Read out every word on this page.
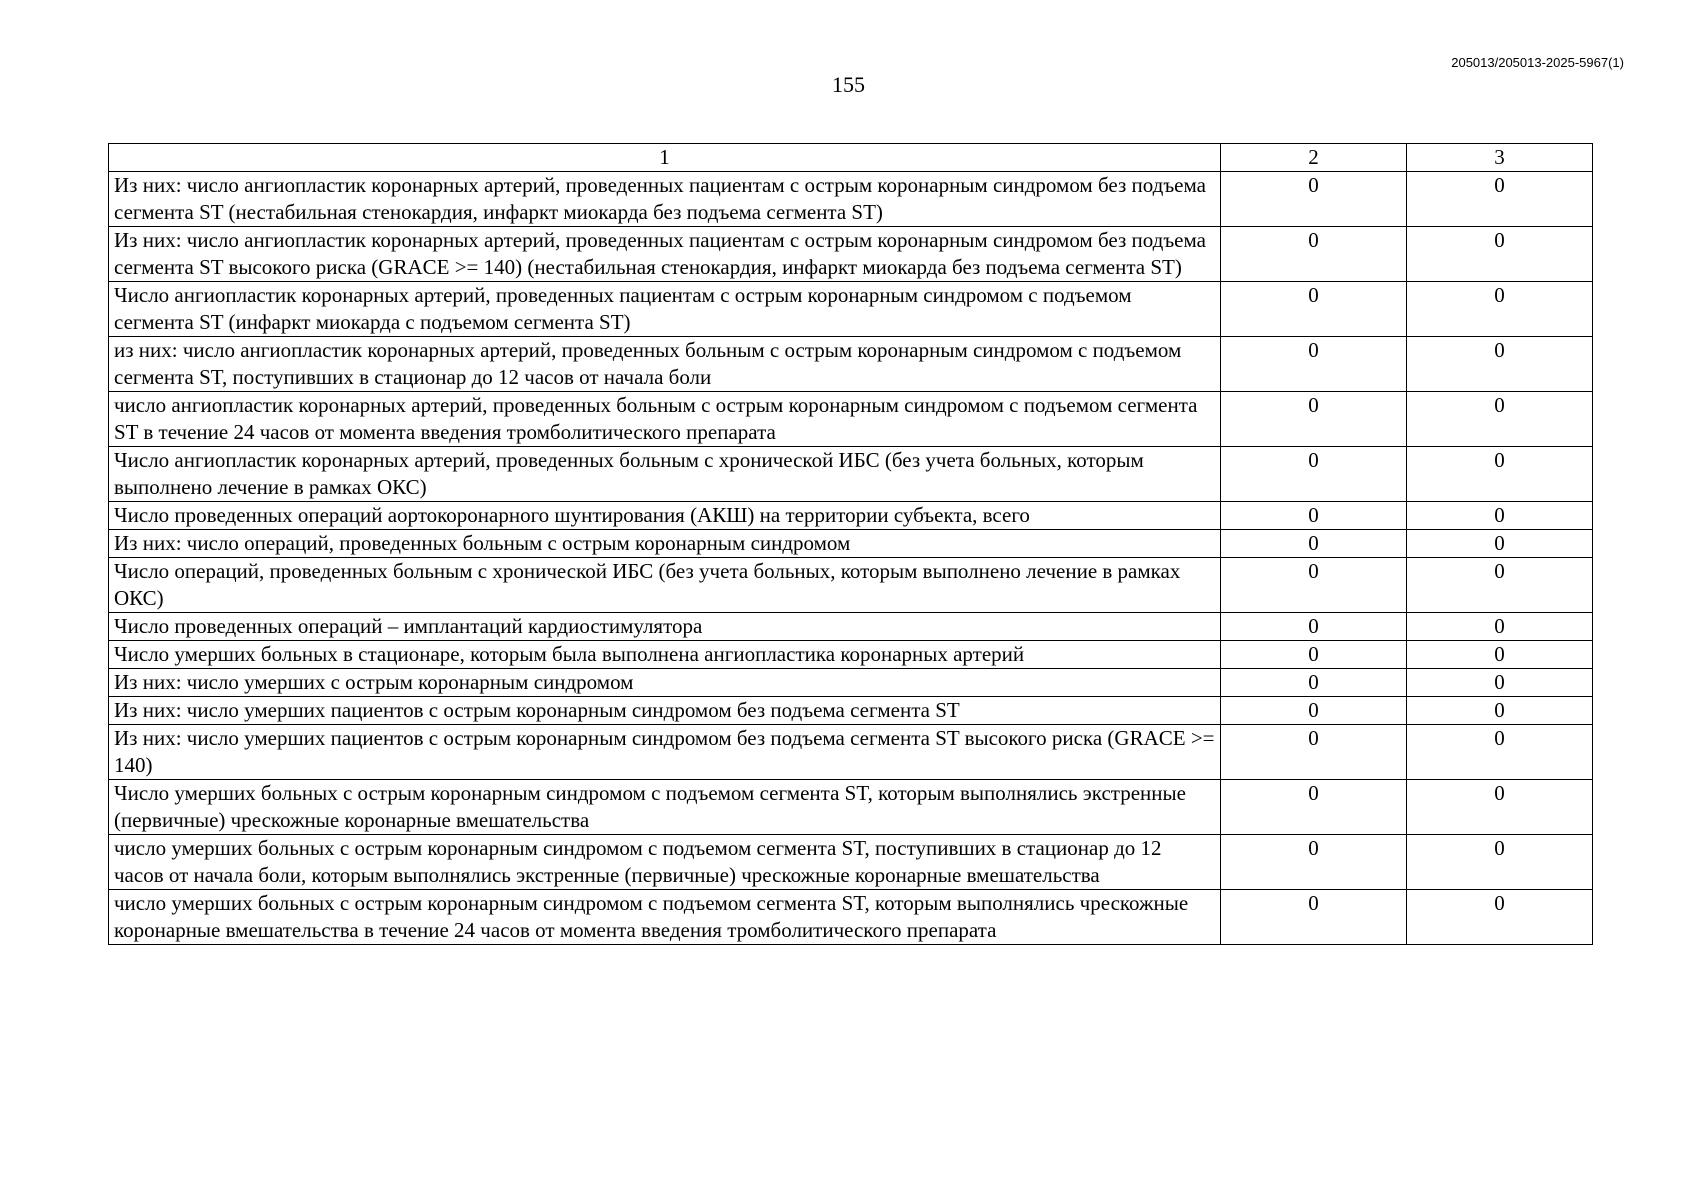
205013/205013-2025-5967(1)
155
1	2	3
Из них: число ангиопластик коронарных артерий, проведенных пациентам с острым коронарным синдромом без подъема сегмента ST (нестабильная стенокардия, инфаркт миокарда без подъема сегмента ST)	0	0
Из них: число ангиопластик коронарных артерий, проведенных пациентам с острым коронарным синдромом без подъема сегмента ST высокого риска (GRACE >= 140) (нестабильная стенокардия, инфаркт миокарда без подъема сегмента ST)	0	0
Число ангиопластик коронарных артерий, проведенных пациентам с острым коронарным синдромом с подъемом сегмента ST (инфаркт миокарда с подъемом сегмента ST)	0	0
из них: число ангиопластик коронарных артерий, проведенных больным с острым коронарным синдромом с подъемом сегмента ST, поступивших в стационар до 12 часов от начала боли	0	0
число ангиопластик коронарных артерий, проведенных больным с острым коронарным синдромом с подъемом сегмента ST в течение 24 часов от момента введения тромболитического препарата	0	0
Число ангиопластик коронарных артерий, проведенных больным с хронической ИБС (без учета больных, которым выполнено лечение в рамках ОКС)	0	0
Число проведенных операций аортокоронарного шунтирования (АКШ) на территории субъекта, всего	0	0
Из них: число операций, проведенных больным с острым коронарным синдромом	0	0
Число операций, проведенных больным с хронической ИБС (без учета больных, которым выполнено лечение в рамках ОКС)	0	0
Число проведенных операций – имплантаций кардиостимулятора	0	0
Число умерших больных в стационаре, которым была выполнена ангиопластика коронарных артерий	0	0
Из них: число умерших с острым коронарным синдромом	0	0
Из них: число умерших пациентов с острым коронарным синдромом без подъема сегмента ST	0	0
Из них: число умерших пациентов с острым коронарным синдромом без подъема сегмента ST высокого риска (GRACE >= 140)	0	0
Число умерших больных с острым коронарным синдромом с подъемом сегмента ST, которым выполнялись экстренные (первичные) чрескожные коронарные вмешательства	0	0
число умерших больных с острым коронарным синдромом с подъемом сегмента ST, поступивших в стационар до 12 часов от начала боли, которым выполнялись экстренные (первичные) чрескожные коронарные вмешательства	0	0
число умерших больных с острым коронарным синдромом с подъемом сегмента ST, которым выполнялись чрескожные коронарные вмешательства в течение 24 часов от момента введения тромболитического препарата	0	0
